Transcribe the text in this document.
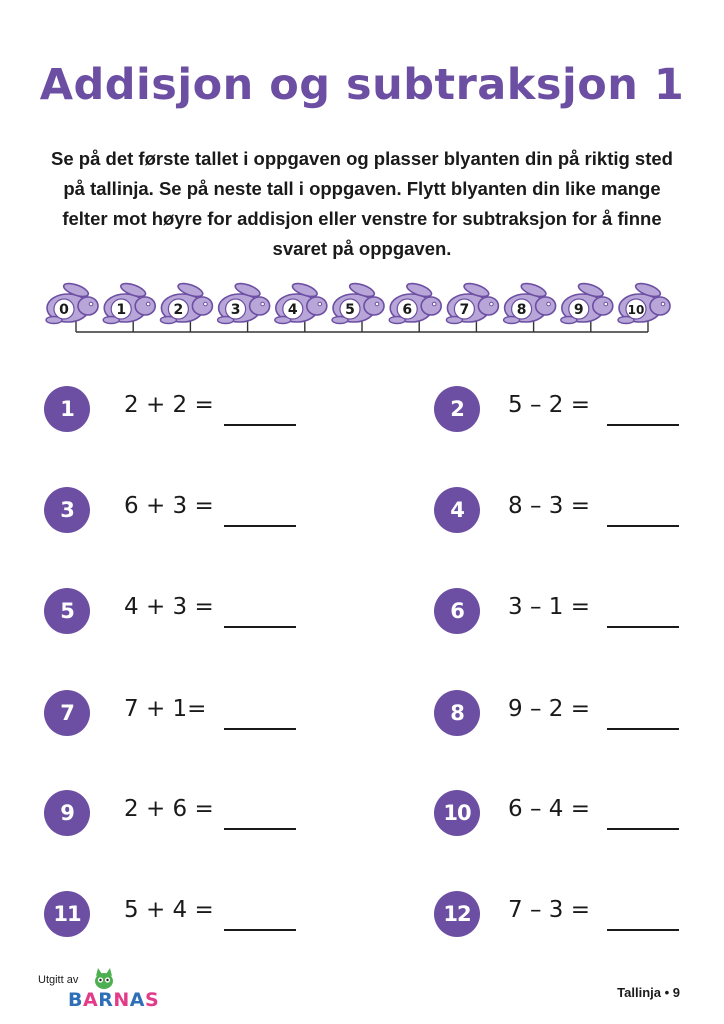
Addisjon og subtraksjon 1
Se på det første tallet i oppgaven og plasser blyanten din på riktig sted på tallinja. Se på neste tall i oppgaven. Flytt blyanten din like mange felter mot høyre for addisjon eller venstre for subtraksjon for å finne svaret på oppgaven.
0	1	2	3	4	5	6	7	8	9	10
1	2 + 2 =	2	5 – 2 =
3	6 + 3 =	4	8 – 3 =
5	4 + 3 =	6	3 – 1 =
7	7 + 1=	8	9 – 2 =
9	2 + 6 =	10	6 – 4 =
11	5 + 4 =	12	7 – 3 =
Utgitt av
BARNAS	Tallinja • 9
